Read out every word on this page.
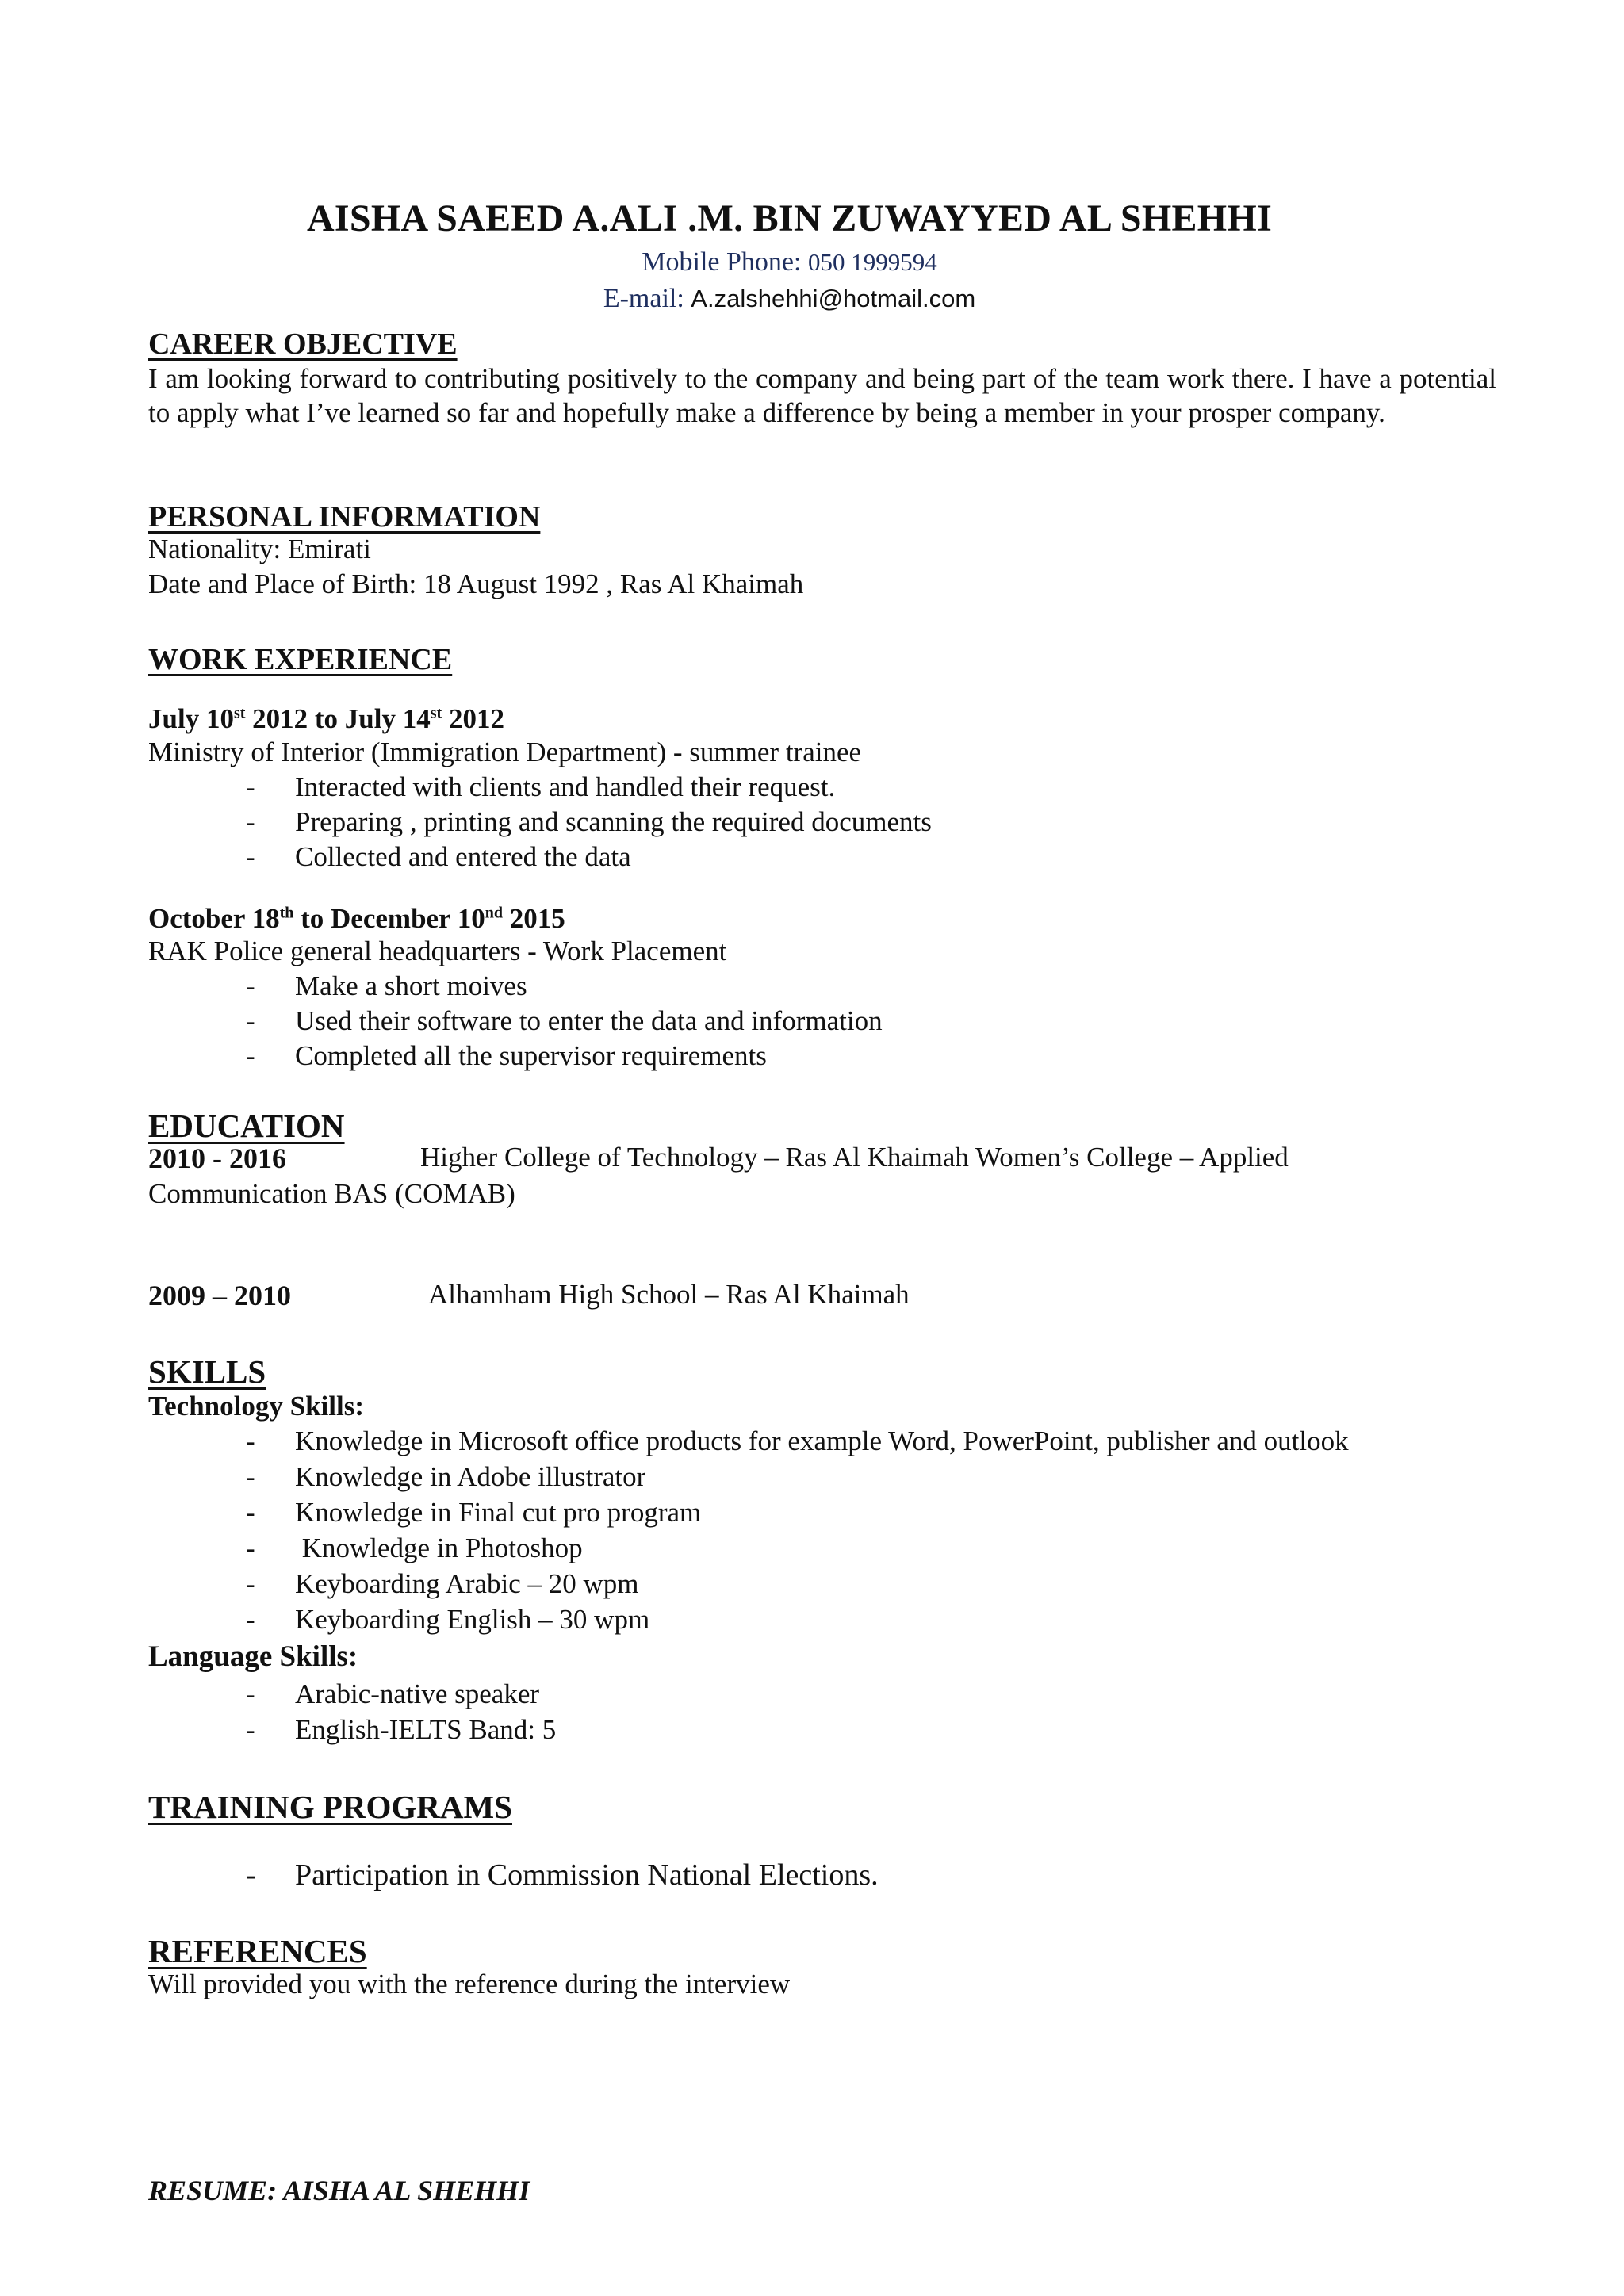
AISHA SAEED A.ALI .M. BIN ZUWAYYED AL SHEHHI
Mobile Phone: 050 1999594
E-mail: A.zalshehhi@hotmail.com
CAREER OBJECTIVE
I am looking forward to contributing positively to the company and being part of the team work there. I have a potential to apply what I’ve learned so far and hopefully make a difference by being a member in your prosper company.
PERSONAL INFORMATION
Nationality: Emirati
Date and Place of Birth: 18 August 1992 , Ras Al Khaimah
WORK EXPERIENCE
July 10st 2012 to July 14st 2012
Ministry of Interior (Immigration Department) - summer trainee
- Interacted with clients and handled their request.
- Preparing , printing and scanning the required documents
- Collected and entered the data
October 18th to December 10nd 2015
RAK Police general headquarters - Work Placement
- Make a short moives
- Used their software to enter the data and information
- Completed all the supervisor requirements
EDUCATION
2010 - 2016	Higher College of Technology – Ras Al Khaimah Women’s College – Applied
Communication BAS (COMAB)
2009 – 2010	Alhamham High School – Ras Al Khaimah
SKILLS
Technology Skills:
- Knowledge in Microsoft office products for example Word, PowerPoint, publisher and outlook
- Knowledge in Adobe illustrator
- Knowledge in Final cut pro program
- Knowledge in Photoshop
- Keyboarding Arabic – 20 wpm
- Keyboarding English – 30 wpm
Language Skills:
- Arabic-native speaker
- English-IELTS Band: 5
TRAINING PROGRAMS
- Participation in Commission National Elections.
REFERENCES
Will provided you with the reference during the interview
RESUME: AISHA AL SHEHHI
